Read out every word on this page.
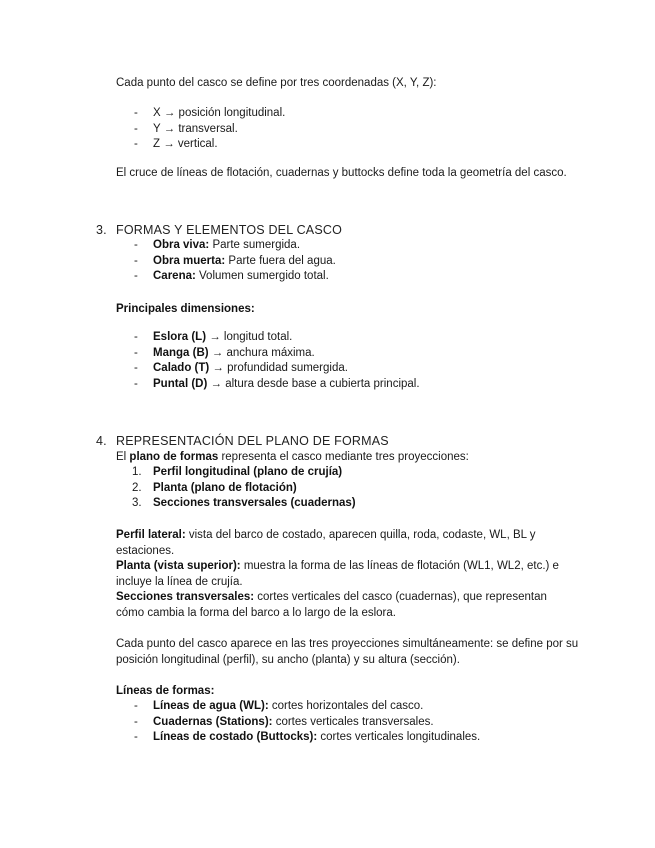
Cada punto del casco se define por tres coordenadas (X, Y, Z):

- X → posición longitudinal.
- Y → transversal.
- Z → vertical.

El cruce de líneas de flotación, cuadernas y buttocks define toda la geometría del casco.

3. FORMAS Y ELEMENTOS DEL CASCO
- Obra viva: Parte sumergida.
- Obra muerta: Parte fuera del agua.
- Carena: Volumen sumergido total.

Principales dimensiones:

- Eslora (L) → longitud total.
- Manga (B) → anchura máxima.
- Calado (T) → profundidad sumergida.
- Puntal (D) → altura desde base a cubierta principal.
4. REPRESENTACIÓN DEL PLANO DE FORMAS

El plano de formas representa el casco mediante tres proyecciones:

1. Perfil longitudinal (plano de crujía)
2. Planta (plano de flotación)
3. Secciones transversales (cuadernas)

Perfil lateral: vista del barco de costado, aparecen quilla, roda, codaste, WL, BL y estaciones.

Planta (vista superior): muestra la forma de las líneas de flotación (WL1, WL2, etc.) e incluye la línea de crujía.

Secciones transversales: cortes verticales del casco (cuadernas), que representan cómo cambia la forma del barco a lo largo de la eslora.

Cada punto del casco aparece en las tres proyecciones simultáneamente: se define por su posición longitudinal (perfil), su ancho (planta) y su altura (sección).

Líneas de formas:

- Líneas de agua (WL): cortes horizontales del casco.
- Cuadernas (Stations): cortes verticales transversales.
- Líneas de costado (Buttocks): cortes verticales longitudinales.
